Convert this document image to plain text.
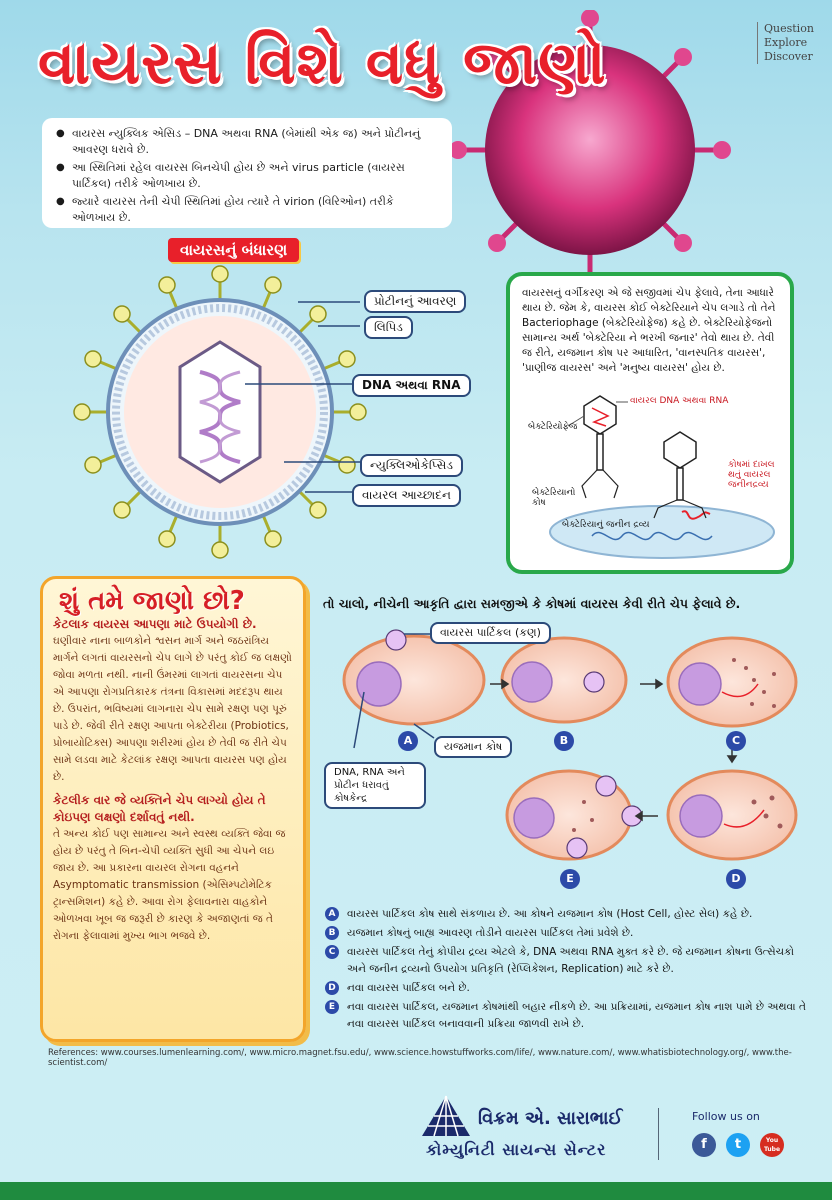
વાયરસ વિશે વધુ જાણો	Question
Explore
Discover
● વાયરસ ન્યુક્લિક એસિડ – DNA અથવા RNA (બેમાંથી એક જ) અને પ્રોટીનનું આવરણ ધરાવે છે.
● આ સ્થિતિમાં રહેલ વાયરસ બિનચેપી હોય છે અને virus particle (વાયરસ પાર્ટિકલ) તરીકે ઓળખાય છે.
● જ્યારે વાયરસ તેની ચેપી સ્થિતિમાં હોય ત્યારે તે virion (વિરિઓન) તરીકે ઓળખાય છે.
વાયરસનું બંધારણ
પ્રોટીનનું આવરણ
લિપિડ
DNA અથવા RNA
ન્યુક્લિઓકેપ્સિડ
વાયરલ આચ્છાદન
વાયરસનું વર્ગીકરણ એ જે સજીવમાં ચેપ ફેલાવે, તેના આધારે થાય છે. જેમ કે, વાયરસ કોઈ બેક્ટેરિયાને ચેપ લગાડે તો તેને Bacteriophage (બેક્ટેરિયોફેજ) કહે છે. બેક્ટેરિયોફેજનો સામાન્ય અર્થ 'બેક્ટેરિયા ને ભરખી જનાર' તેવો થાય છે. તેવી જ રીતે, યજમાન કોષ પર આધારિત, 'વાનસ્પતિક વાયરસ', 'પ્રાણીજ વાયરસ' અને 'મનુષ્ય વાયરસ' હોય છે.
વાયરલ DNA અથવા RNA
બેક્ટેરિયોફેજ
બેક્ટેરિયાનો કોષ
કોષમાં દાખલ થતું વાયરલ જનીનદ્રવ્ય
બેક્ટેરિયાનું જનીન દ્રવ્ય
શું તમે જાણો છો?
કેટલાક વાયરસ આપણા માટે ઉપયોગી છે.
ઘણીવાર નાના બાળકોને શ્વસન માર્ગ અને જઠરાંત્રિય માર્ગને લગતાં વાયરસનો ચેપ લાગે છે પરંતુ કોઈ જ લક્ષણો જોવા મળતા નથી. નાની ઉંમરમાં લાગતાં વાયરસના ચેપ એ આપણા રોગપ્રતિકારક તંત્રના વિકાસમાં મદદરૂપ થાય છે. ઉપરાંત, ભવિષ્યમાં લાગનારા ચેપ સામે રક્ષણ પણ પૂરું પાડે છે. જેવી રીતે રક્ષણ આપતા બેક્ટેરીયા (Probiotics, પ્રોબાયોટિક્સ) આપણા શરીરમાં હોય છે તેવી જ રીતે ચેપ સામે લડવા માટે કેટલાંક રક્ષણ આપતા વાયરસ પણ હોય છે.
કેટલીક વાર જે વ્યક્તિને ચેપ લાગ્યો હોય તે કોઇપણ લક્ષણો દર્શાવતું નથી.
તે અન્ય કોઈ પણ સામાન્ય અને સ્વસ્થ વ્યક્તિ જેવા જ હોય છે પરંતુ તે બિન-ચેપી વ્યક્તિ સુધી આ ચેપને લઇ જાય છે. આ પ્રકારના વાયરલ રોગના વહનને Asymptomatic transmission (એસિમ્પટોમેટિક ટ્રાન્સમિશન) કહે છે. આવા રોગ ફેલાવનારા વાહકોને ઓળખવા ખૂબ જ જરૂરી છે કારણ કે અજાણતાં જ તે રોગના ફેલાવામાં મુખ્ય ભાગ ભજવે છે.
તો ચાલો, નીચેની આકૃતિ દ્વારા સમજીએ કે કોષમાં વાયરસ કેવી રીતે ચેપ ફેલાવે છે.
વાયરસ પાર્ટિકલ (કણ)
યજમાન કોષ
DNA, RNA અને પ્રોટીન ધરાવતું કોષકેન્દ્ર
A	B	C
D
E
A	વાયરસ પાર્ટિકલ કોષ સાથે સંકળાય છે. આ કોષને યજમાન કોષ (Host Cell, હોસ્ટ સેલ) કહે છે.
B	યજમાન કોષનું બાહ્ય આવરણ તોડીને વાયરસ પાર્ટિકલ તેમાં પ્રવેશે છે.
C	વાયરસ પાર્ટિકલ તેનું કોપીય દ્રવ્ય એટલે કે, DNA અથવા RNA મુક્ત કરે છે. જે યજમાન કોષના ઉત્સેચકો અને જનીન દ્રવ્યનો ઉપયોગ પ્રતિકૃતિ (રેપ્લિકેશન, Replication) માટે કરે છે.
D	નવા વાયરસ પાર્ટિકલ બને છે.
E	નવા વાયરસ પાર્ટિકલ, યજમાન કોષમાંથી બહાર નીકળે છે. આ પ્રક્રિયામાં, યજમાન કોષ નાશ પામે છે અથવા તે નવા વાયરસ પાર્ટિકલ બનાવવાની પ્રક્રિયા જાળવી રાખે છે.
References: www.courses.lumenlearning.com/, www.micro.magnet.fsu.edu/, www.science.howstuffworks.com/life/, www.nature.com/, www.whatisbiotechnology.org/, www.the-scientist.com/
વિક્રમ એ. સારાભાઈ
કોમ્યુનિટી સાયન્સ સેન્ટર
Follow us on
f	t	You Tube
